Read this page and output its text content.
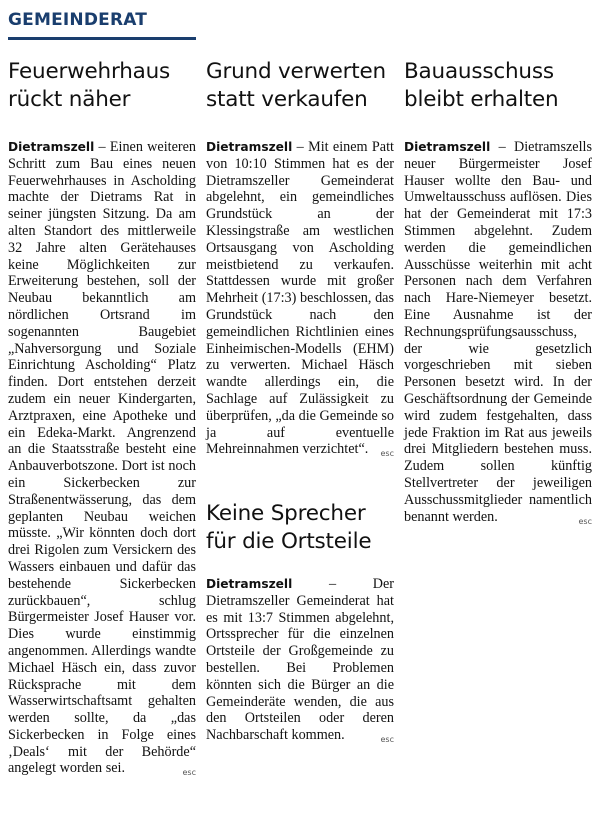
GEMEINDERAT
Feuerwehrhaus rückt näher

Dietramszell – Einen weiteren Schritt zum Bau eines neuen Feuerwehrhauses in Ascholding machte der Dietrams Rat in seiner jüngsten Sitzung. Da am alten Standort des mittlerweile 32 Jahre alten Gerätehauses keine Möglichkeiten zur Erweiterung bestehen, soll der Neubau bekanntlich am nördlichen Ortsrand im sogenannten Baugebiet „Nahversorgung und Soziale Einrichtung Ascholding“ Platz finden. Dort entstehen derzeit zudem ein neuer Kindergarten, Arztpraxen, eine Apotheke und ein Edeka-Markt. Angrenzend an die Staatsstraße besteht eine Anbauverbotszone. Dort ist noch ein Sickerbecken zur Straßenentwässerung, das dem geplanten Neubau weichen müsste. „Wir könnten doch dort drei Rigolen zum Versickern des Wassers einbauen und dafür das bestehende Sickerbecken zurückbauen“, schlug Bürgermeister Josef Hauser vor. Dies wurde einstimmig angenommen. Allerdings wandte Michael Häsch ein, dass zuvor Rücksprache mit dem Wasserwirtschaftsamt gehalten werden sollte, da „das Sickerbecken in Folge eines ‚Deals‘ mit der Behörde“ angelegt worden sei.	esc

Grund verwerten statt verkaufen

Dietramszell – Mit einem Patt von 10:10 Stimmen hat es der Dietramszeller Gemeinderat abgelehnt, ein gemeindliches Grundstück an der Klessingstraße am westlichen Ortsausgang von Ascholding meistbietend zu verkaufen. Stattdessen wurde mit großer Mehrheit (17:3) beschlossen, das Grundstück nach den gemeindlichen Richtlinien eines Einheimischen-Modells (EHM) zu verwerten. Michael Häsch wandte allerdings ein, die Sachlage auf Zulässigkeit zu überprüfen, „da die Gemeinde so ja auf eventuelle Mehreinnahmen verzichtet“. esc

Keine Sprecher für die Ortsteile

Dietramszell – Der Dietramszeller Gemeinderat hat es mit 13:7 Stimmen abgelehnt, Ortssprecher für die einzelnen Ortsteile der Großgemeinde zu bestellen. Bei Problemen könnten sich die Bürger an die Gemeinderäte wenden, die aus den Ortsteilen oder deren Nachbarschaft kommen.	esc

Bauausschuss bleibt erhalten

Dietramszell – Dietramszells neuer Bürgermeister Josef Hauser wollte den Bau- und Umweltausschuss auflösen. Dies hat der Gemeinderat mit 17:3 Stimmen abgelehnt. Zudem werden die gemeindlichen Ausschüsse weiterhin mit acht Personen nach dem Verfahren nach Hare-Niemeyer besetzt. Eine Ausnahme ist der Rechnungsprüfungsausschuss, der wie gesetzlich vorgeschrieben mit sieben Personen besetzt wird. In der Geschäftsordnung der Gemeinde wird zudem festgehalten, dass jede Fraktion im Rat aus jeweils drei Mitgliedern bestehen muss. Zudem sollen künftig Stellvertreter der jeweiligen Ausschussmitglieder namentlich benannt werden.	esc
